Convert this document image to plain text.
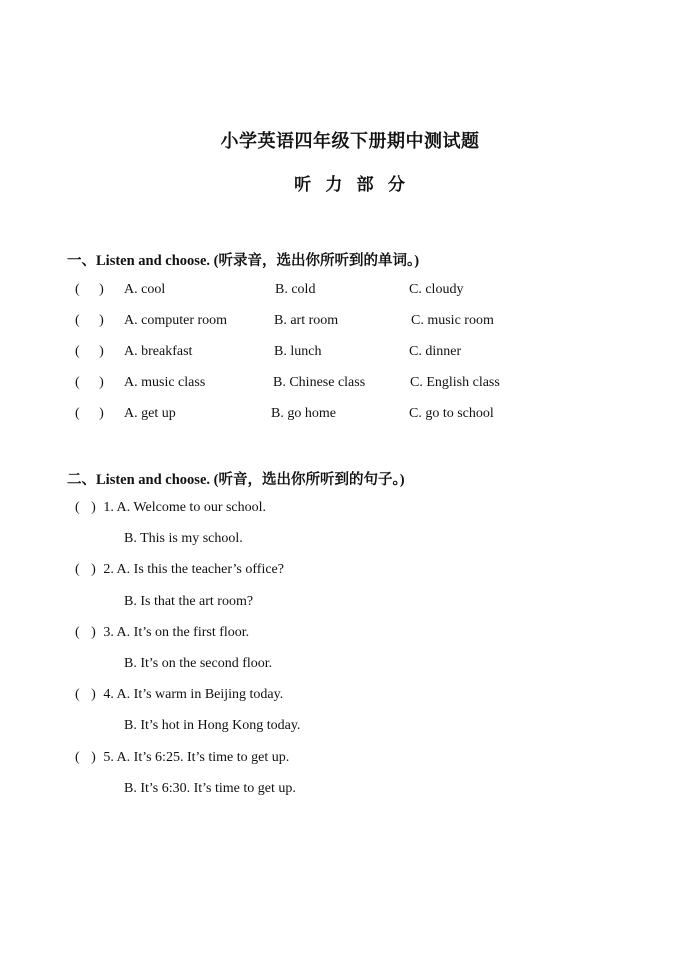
小学英语四年级下册期中测试题
听 力 部 分
一、Listen and choose. (听录音，选出你所听到的单词。)
( ) A. cool	B. cold	C. cloudy
( ) A. computer room	B. art room	C. music room
( ) A. breakfast	B. lunch	C. dinner
( ) A. music class	B. Chinese class	C. English class
( ) A. get up	B. go home	C. go to school
二、Listen and choose. (听音，选出你所听到的句子。)
( ) 1. A. Welcome to our school.
B. This is my school.
( ) 2. A. Is this the teacher’s office?
B. Is that the art room?
( ) 3. A. It’s on the first floor.
B. It’s on the second floor.
( ) 4. A. It’s warm in Beijing today.
B. It’s hot in Hong Kong today.
( ) 5. A. It’s 6:25. It’s time to get up.
B. It’s 6:30. It’s time to get up.
